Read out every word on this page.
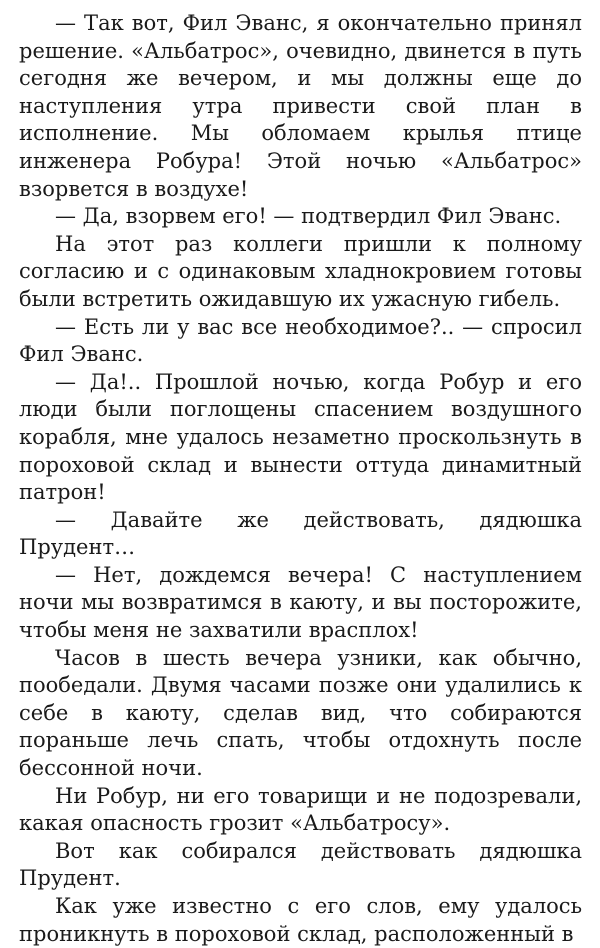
— Так вот, Фил Эванс, я окончательно принял решение. «Альбатрос», очевидно, двинется в путь сегодня же вечером, и мы должны еще до наступления утра привести свой план в исполнение. Мы обломаем крылья птице инженера Робура! Этой ночью «Альбатрос» взорвется в воздухе!

— Да, взорвем его! — подтвердил Фил Эванс.

На этот раз коллеги пришли к полному согласию и с одинаковым хладнокровием готовы были встретить ожидавшую их ужасную гибель.

— Есть ли у вас все необходимое?.. — спросил Фил Эванс.

— Да!.. Прошлой ночью, когда Робур и его люди были поглощены спасением воздушного корабля, мне удалось незаметно проскользнуть в пороховой склад и вынести оттуда динамитный патрон!

— Давайте же действовать, дядюшка Прудент…

— Нет, дождемся вечера! С наступлением ночи мы возвратимся в каюту, и вы посторожите, чтобы меня не захватили врасплох!

Часов в шесть вечера узники, как обычно, пообедали. Двумя часами позже они удалились к себе в каюту, сделав вид, что собираются пораньше лечь спать, чтобы отдохнуть после бессонной ночи.

Ни Робур, ни его товарищи и не подозревали, какая опасность грозит «Альбатросу».

Вот как собирался действовать дядюшка Прудент.

Как уже известно с его слов, ему удалось проникнуть в пороховой склад, расположенный в
